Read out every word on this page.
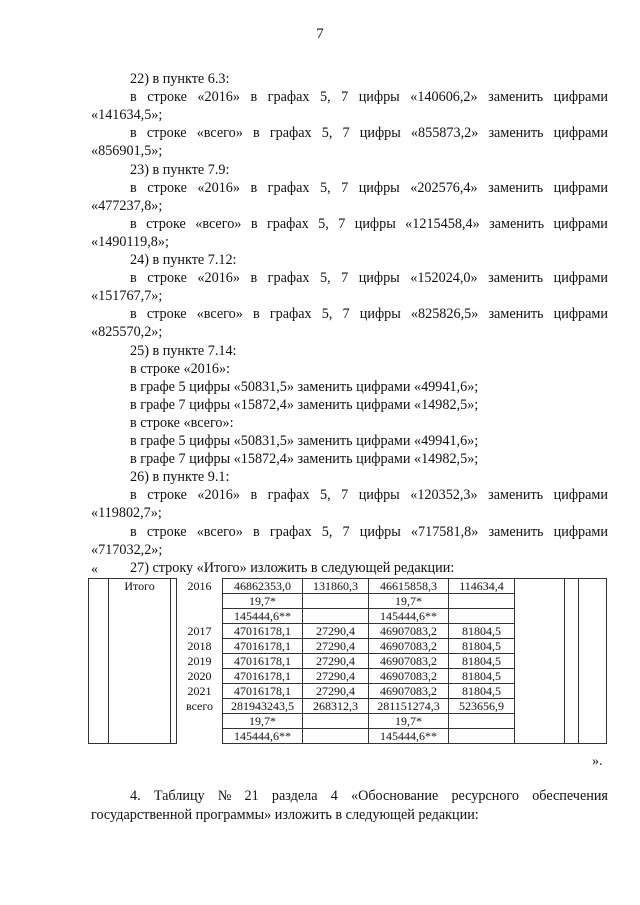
7
22) в пункте 6.3:
в строке «2016» в графах 5, 7 цифры «140606,2» заменить цифрами
«141634,5»;
в строке «всего» в графах 5, 7 цифры «855873,2» заменить цифрами
«856901,5»;
23) в пункте 7.9:
в строке «2016» в графах 5, 7 цифры «202576,4» заменить цифрами
«477237,8»;
в строке «всего» в графах 5, 7 цифры «1215458,4» заменить цифрами
«1490119,8»;
24) в пункте 7.12:
в строке «2016» в графах 5, 7 цифры «152024,0» заменить цифрами
«151767,7»;
в строке «всего» в графах 5, 7 цифры «825826,5» заменить цифрами
«825570,2»;
25) в пункте 7.14:
в строке «2016»:
в графе 5 цифры «50831,5» заменить цифрами «49941,6»;
в графе 7 цифры «15872,4» заменить цифрами «14982,5»;
в строке «всего»:
в графе 5 цифры «50831,5» заменить цифрами «49941,6»;
в графе 7 цифры «15872,4» заменить цифрами «14982,5»;
26) в пункте 9.1:
в строке «2016» в графах 5, 7 цифры «120352,3» заменить цифрами
«119802,7»;
в строке «всего» в графах 5, 7 цифры «717581,8» заменить цифрами
«717032,2»;
27) строку «Итого» изложить в следующей редакции:
«
	Итого		2016	46862353,0	131860,3	46615858,3	114634,4			
				19,7*		19,7*				
				145444,6**		145444,6**				
			2017	47016178,1	27290,4	46907083,2	81804,5			
			2018	47016178,1	27290,4	46907083,2	81804,5			
			2019	47016178,1	27290,4	46907083,2	81804,5			
			2020	47016178,1	27290,4	46907083,2	81804,5			
			2021	47016178,1	27290,4	46907083,2	81804,5			
			всего	281943243,5	268312,3	281151274,3	523656,9			
				19,7*		19,7*				
				145444,6**		145444,6**				
».
4. Таблицу № 21 раздела 4 «Обоснование ресурсного обеспечения
государственной программы» изложить в следующей редакции:
